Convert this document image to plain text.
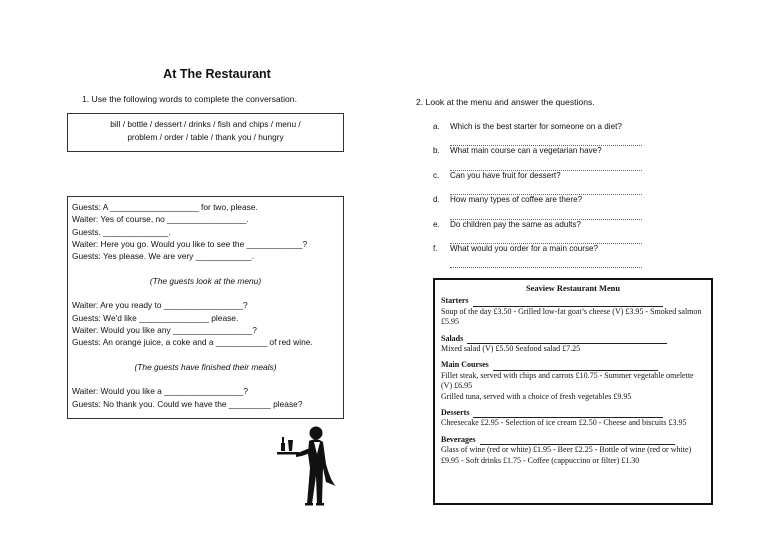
At The Restaurant
1. Use the following words to complete the conversation.
bill / bottle / dessert / drinks / fish and chips / menu /
problem / order / table / thank you / hungry
Guests: A ___________________ for two, please.
Waiter: Yes of course, no _________________.
Guests. ______________.
Waiter: Here you go. Would you like to see the ____________?
Guests: Yes please. We are very ____________.
(The guests look at the menu)
Waiter: Are you ready to _________________?
Guests: We'd like _______________ please.
Waiter: Would you like any _________________?
Guests: An orange juice, a coke and a ___________ of red wine.
(The guests have finished their meals)
Waiter: Would you like a _________________?
Guests: No thank you. Could we have the _________ please?
2. Look at the menu and answer the questions.
a. Which is the best starter for someone on a diet?
b. What main course can a vegetarian have?
c. Can you have fruit for dessert?
d. How many types of coffee are there?
e. Do children pay the same as adults?
f. What would you order for a main course?
Seaview Restaurant Menu
Starters
Soup of the day £3.50 - Grilled low-fat goat’s cheese (V) £3.95 - Smoked salmon £5.95
Salads
Mixed salad (V) £5.50 Seafood salad £7.25
Main Courses
Fillet steak, served with chips and carrots £10.75 - Summer vegetable omelette (V) £6.95
Grilled tuna, served with a choice of fresh vegetables £9.95
Desserts
Cheesecake £2.95 - Selection of ice cream £2.50 - Cheese and biscuits £3.95
Beverages
Glass of wine (red or white) £1.95 - Beer £2.25 - Bottle of wine (red or white) £9.95 - Soft drinks £1.75 - Coffee (cappuccino or filter) £1.30
